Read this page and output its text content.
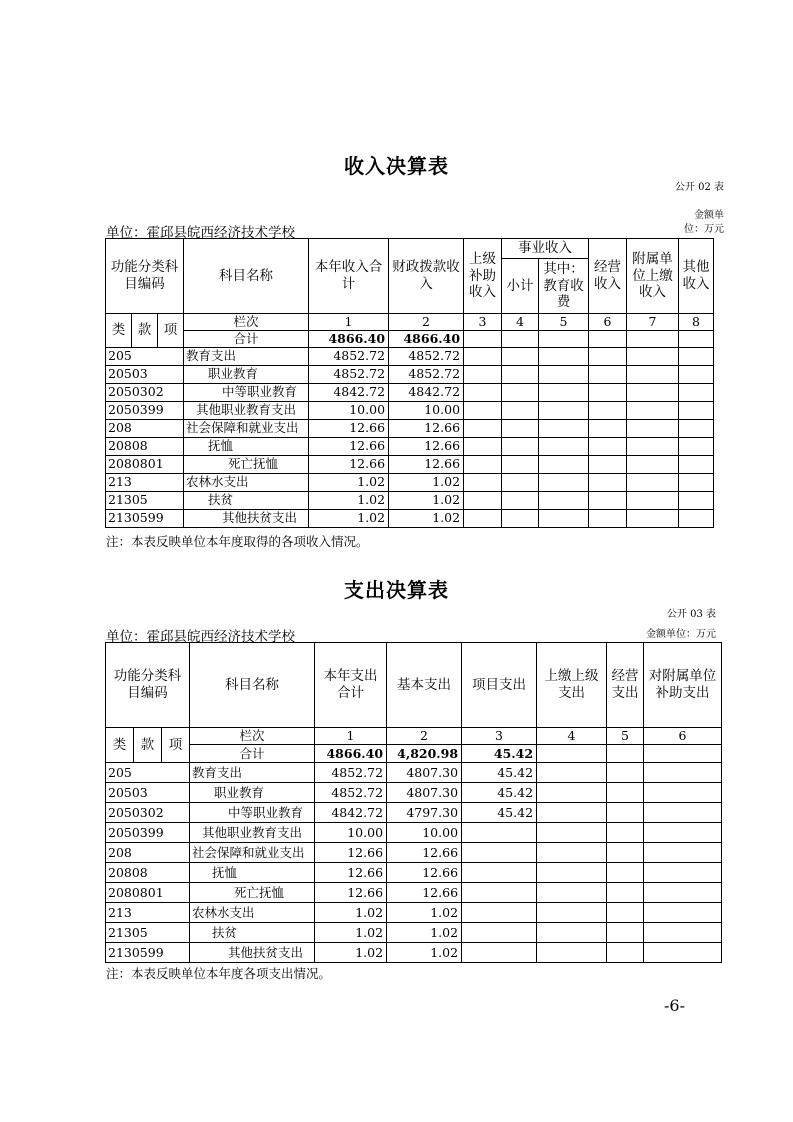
收入决算表
公开 02 表
金额单位：万元
单位：霍邱县皖西经济技术学校
功能分类科目编码			科目名称	本年收入合计	财政拨款收入	上级补助收入	事业收入		经营收入	附属单位上缴收入	其他收入
							小计	其中：教育收费			

类	款	项	栏次	1	2	3	4	5	6	7	8
			合计	4866.40	4866.40						
205			教育支出	4852.72	4852.72						
20503			职业教育	4852.72	4852.72						
2050302			中等职业教育	4842.72	4842.72						
2050399			其他职业教育支出	10.00	10.00						
208			社会保障和就业支出	12.66	12.66						
20808			抚恤	12.66	12.66						
2080801			死亡抚恤	12.66	12.66						
213			农林水支出	1.02	1.02						
21305			扶贫	1.02	1.02						
2130599			其他扶贫支出	1.02	1.02						
注：本表反映单位本年度取得的各项收入情况。
支出决算表
公开 03 表
金额单位：万元
单位：霍邱县皖西经济技术学校
功能分类科目编码			科目名称	本年支出合计	基本支出	项目支出	上缴上级支出	经营支出	对附属单位补助支出

类	款	项	栏次	1	2	3	4	5	6
			合计	4866.40	4,820.98	45.42			
205			教育支出	4852.72	4807.30	45.42			
20503			职业教育	4852.72	4807.30	45.42			
2050302			中等职业教育	4842.72	4797.30	45.42			
2050399			其他职业教育支出	10.00	10.00				
208			社会保障和就业支出	12.66	12.66				
20808			抚恤	12.66	12.66				
2080801			死亡抚恤	12.66	12.66				
213			农林水支出	1.02	1.02				
21305			扶贫	1.02	1.02				
2130599			其他扶贫支出	1.02	1.02				
注：本表反映单位本年度各项支出情况。
-6-
